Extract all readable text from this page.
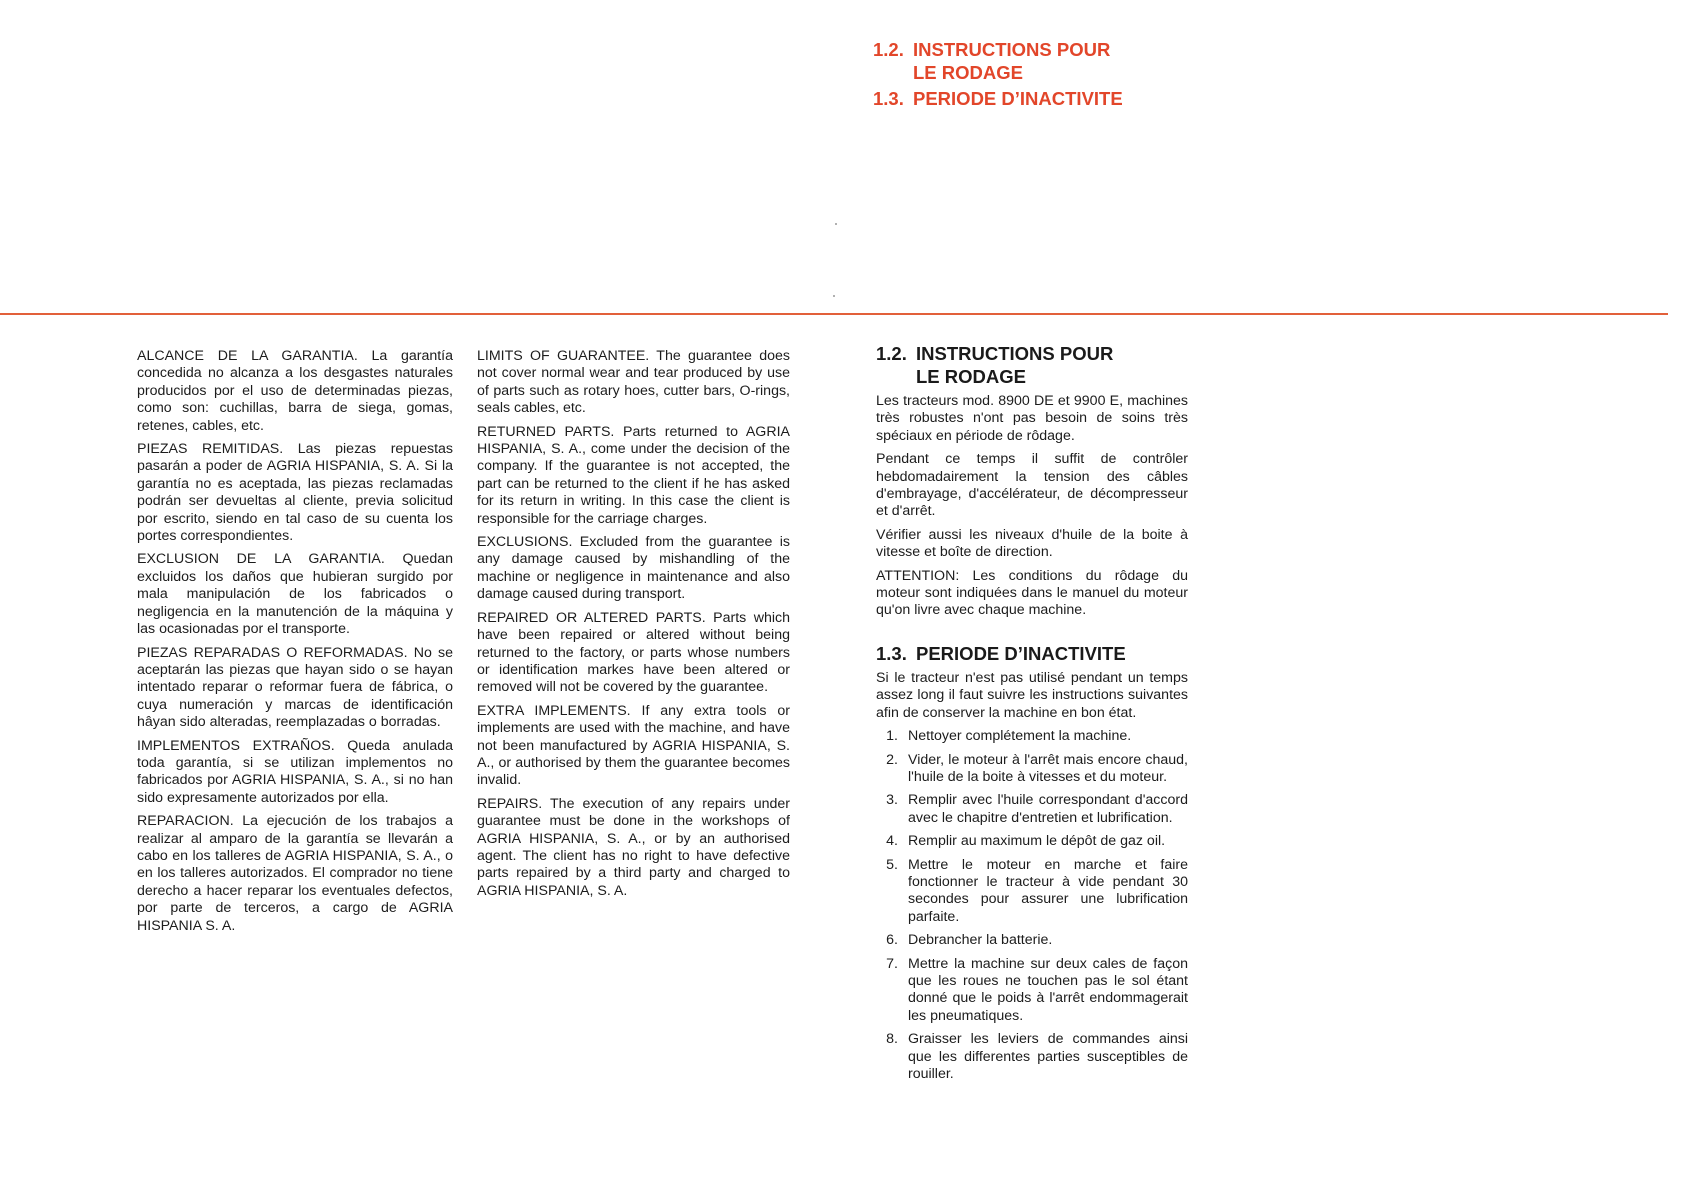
1.2. INSTRUCTIONS POUR
LE RODAGE
1.3. PERIODE D’INACTIVITE

ALCANCE DE LA GARANTIA. La garantía concedida no alcanza a los desgastes naturales producidos por el uso de determinadas piezas, como son: cuchillas, barra de siega, gomas, retenes, cables, etc.

PIEZAS REMITIDAS. Las piezas repuestas pasarán a poder de AGRIA HISPANIA, S. A. Si la garantía no es aceptada, las piezas reclamadas podrán ser devueltas al cliente, previa solicitud por escrito, siendo en tal caso de su cuenta los portes correspondientes.

EXCLUSION DE LA GARANTIA. Quedan excluidos los daños que hubieran surgido por mala manipulación de los fabricados o negligencia en la manutención de la máquina y las ocasionadas por el transporte.

PIEZAS REPARADAS O REFORMADAS. No se aceptarán las piezas que hayan sido o se hayan intentado reparar o reformar fuera de fábrica, o cuya numeración y marcas de identificación hâyan sido alteradas, reemplazadas o borradas.

IMPLEMENTOS EXTRAÑOS. Queda anulada toda garantía, si se utilizan implementos no fabricados por AGRIA HISPANIA, S. A., si no han sido expresamente autorizados por ella.

REPARACION. La ejecución de los trabajos a realizar al amparo de la garantía se llevarán a cabo en los talleres de AGRIA HISPANIA, S. A., o en los talleres autorizados. El comprador no tiene derecho a hacer reparar los eventuales defectos, por parte de terceros, a cargo de AGRIA HISPANIA S. A.

LIMITS OF GUARANTEE. The guarantee does not cover normal wear and tear produced by use of parts such as rotary hoes, cutter bars, O-rings, seals cables, etc.

RETURNED PARTS. Parts returned to AGRIA HISPANIA, S. A., come under the decision of the company. If the guarantee is not accepted, the part can be returned to the client if he has asked for its return in writing. In this case the client is responsible for the carriage charges.

EXCLUSIONS. Excluded from the guarantee is any damage caused by mishandling of the machine or negligence in maintenance and also damage caused during transport.

REPAIRED OR ALTERED PARTS. Parts which have been repaired or altered without being returned to the factory, or parts whose numbers or identification markes have been altered or removed will not be covered by the guarantee.

EXTRA IMPLEMENTS. If any extra tools or implements are used with the machine, and have not been manufactured by AGRIA HISPANIA, S. A., or authorised by them the guarantee becomes invalid.

REPAIRS. The execution of any repairs under guarantee must be done in the workshops of AGRIA HISPANIA, S. A., or by an authorised agent. The client has no right to have defective parts repaired by a third party and charged to AGRIA HISPANIA, S. A.

1.2. INSTRUCTIONS POUR
LE RODAGE

Les tracteurs mod. 8900 DE et 9900 E, machines très robustes n'ont pas besoin de soins très spéciaux en période de rôdage.

Pendant ce temps il suffit de contrôler hebdomadairement la tension des câbles d'embrayage, d'accélérateur, de décompresseur et d'arrêt.

Vérifier aussi les niveaux d'huile de la boite à vitesse et boîte de direction.

ATTENTION: Les conditions du rôdage du moteur sont indiquées dans le manuel du moteur qu'on livre avec chaque machine.

1.3. PERIODE D’INACTIVITE

Si le tracteur n'est pas utilisé pendant un temps assez long il faut suivre les instructions suivantes afin de conserver la machine en bon état.

1. Nettoyer complétement la machine.
2. Vider, le moteur à l'arrêt mais encore chaud, l'huile de la boite à vitesses et du moteur.
3. Remplir avec l'huile correspondant d'accord avec le chapitre d'entretien et lubrification.
4. Remplir au maximum le dépôt de gaz oil.
5. Mettre le moteur en marche et faire fonctionner le tracteur à vide pendant 30 secondes pour assurer une lubrification parfaite.
6. Debrancher la batterie.
7. Mettre la machine sur deux cales de façon que les roues ne touchen pas le sol étant donné que le poids à l'arrêt endommagerait les pneumatiques.
8. Graisser les leviers de commandes ainsi que les differentes parties susceptibles de rouiller.
